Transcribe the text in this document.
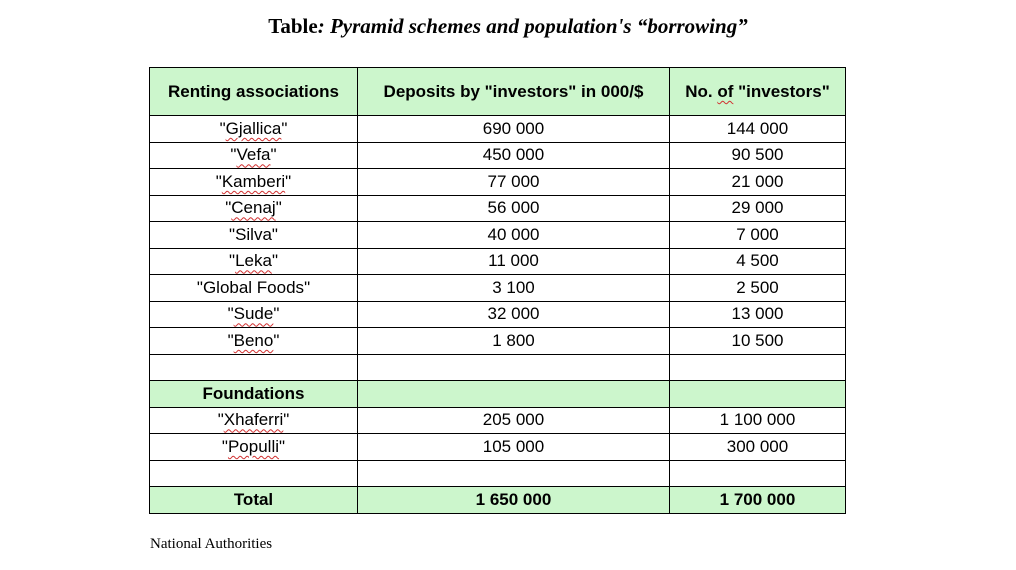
Table: Pyramid schemes and population's “borrowing”
Renting associations	Deposits by "investors" in 000/$	No. of "investors"
"Gjallica"	690 000	144 000
"Vefa"	450 000	90 500
"Kamberi"	77 000	21 000
"Cenaj"	56 000	29 000
"Silva"	40 000	7 000
"Leka"	11 000	4 500
"Global Foods"	3 100	2 500
"Sude"	32 000	13 000
"Beno"	1 800	10 500

Foundations		
"Xhaferri"	205 000	1 100 000
"Populli"	105 000	300 000

Total	1 650 000	1 700 000
National Authorities
